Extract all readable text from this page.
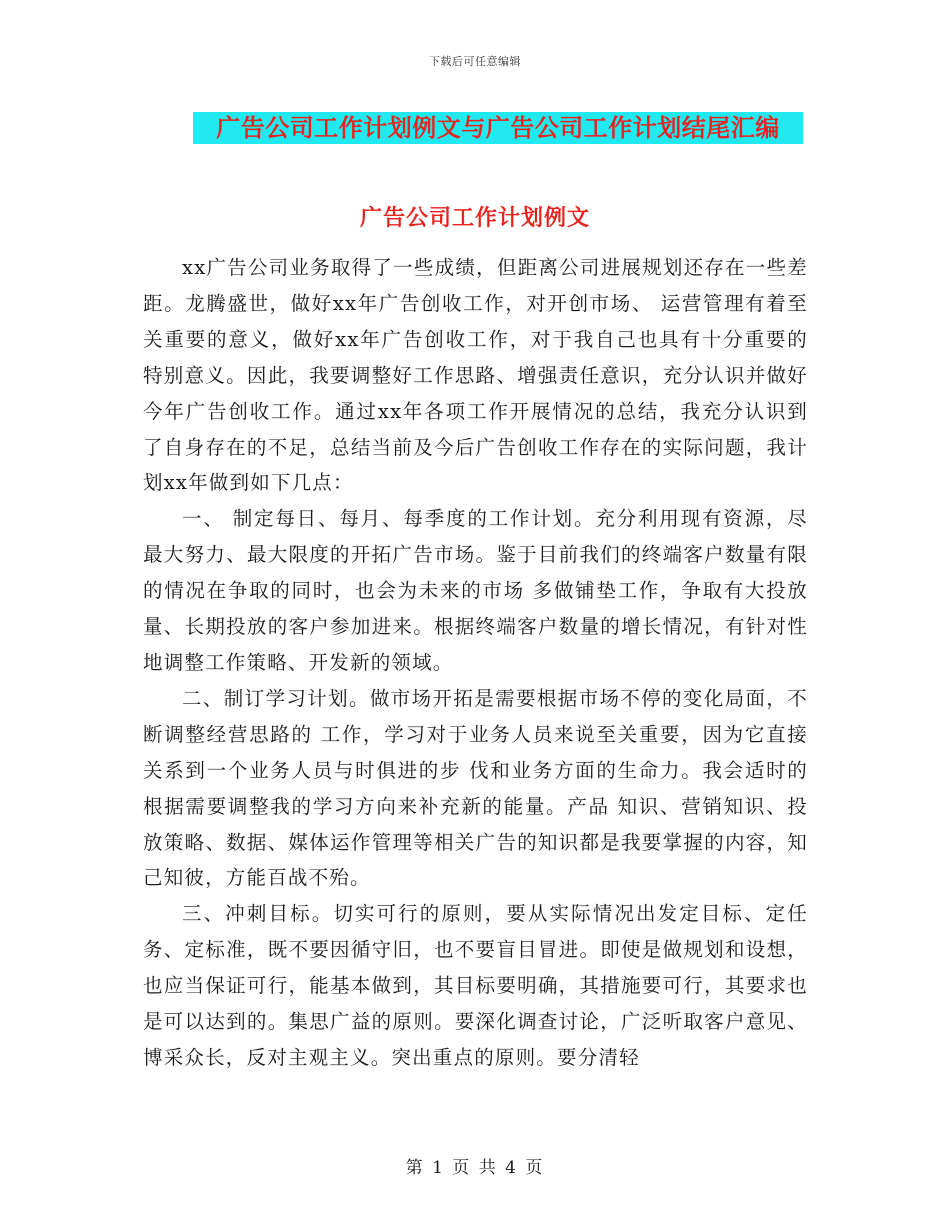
下载后可任意编辑
广告公司工作计划例文与广告公司工作计划结尾汇编
广告公司工作计划例文

xx广告公司业务取得了一些成绩，但距离公司进展规划还存在一些差距。龙腾盛世，做好xx年广告创收工作，对开创市场、 运营管理有着至关重要的意义，做好xx年广告创收工作，对于我自己也具有十分重要的特别意义。因此，我要调整好工作思路、增强责任意识，充分认识并做好今年广告创收工作。通过xx年各项工作开展情况的总结，我充分认识到了自身存在的不足，总结当前及今后广告创收工作存在的实际问题，我计划xx年做到如下几点：

一、 制定每日、每月、每季度的工作计划。充分利用现有资源，尽最大努力、最大限度的开拓广告市场。鉴于目前我们的终端客户数量有限的情况在争取的同时，也会为未来的市场 多做铺垫工作，争取有大投放量、长期投放的客户参加进来。根据终端客户数量的增长情况，有针对性地调整工作策略、开发新的领域。

二、制订学习计划。做市场开拓是需要根据市场不停的变化局面，不断调整经营思路的 工作，学习对于业务人员来说至关重要，因为它直接关系到一个业务人员与时俱进的步 伐和业务方面的生命力。我会适时的根据需要调整我的学习方向来补充新的能量。产品 知识、营销知识、投放策略、数据、媒体运作管理等相关广告的知识都是我要掌握的内容，知己知彼，方能百战不殆。

三、冲刺目标。切实可行的原则，要从实际情况出发定目标、定任务、定标准，既不要因循守旧，也不要盲目冒进。即使是做规划和设想，也应当保证可行，能基本做到，其目标要明确，其措施要可行，其要求也是可以达到的。集思广益的原则。要深化调查讨论，广泛听取客户意见、博采众长，反对主观主义。突出重点的原则。要分清轻

第 1 页 共 4 页
